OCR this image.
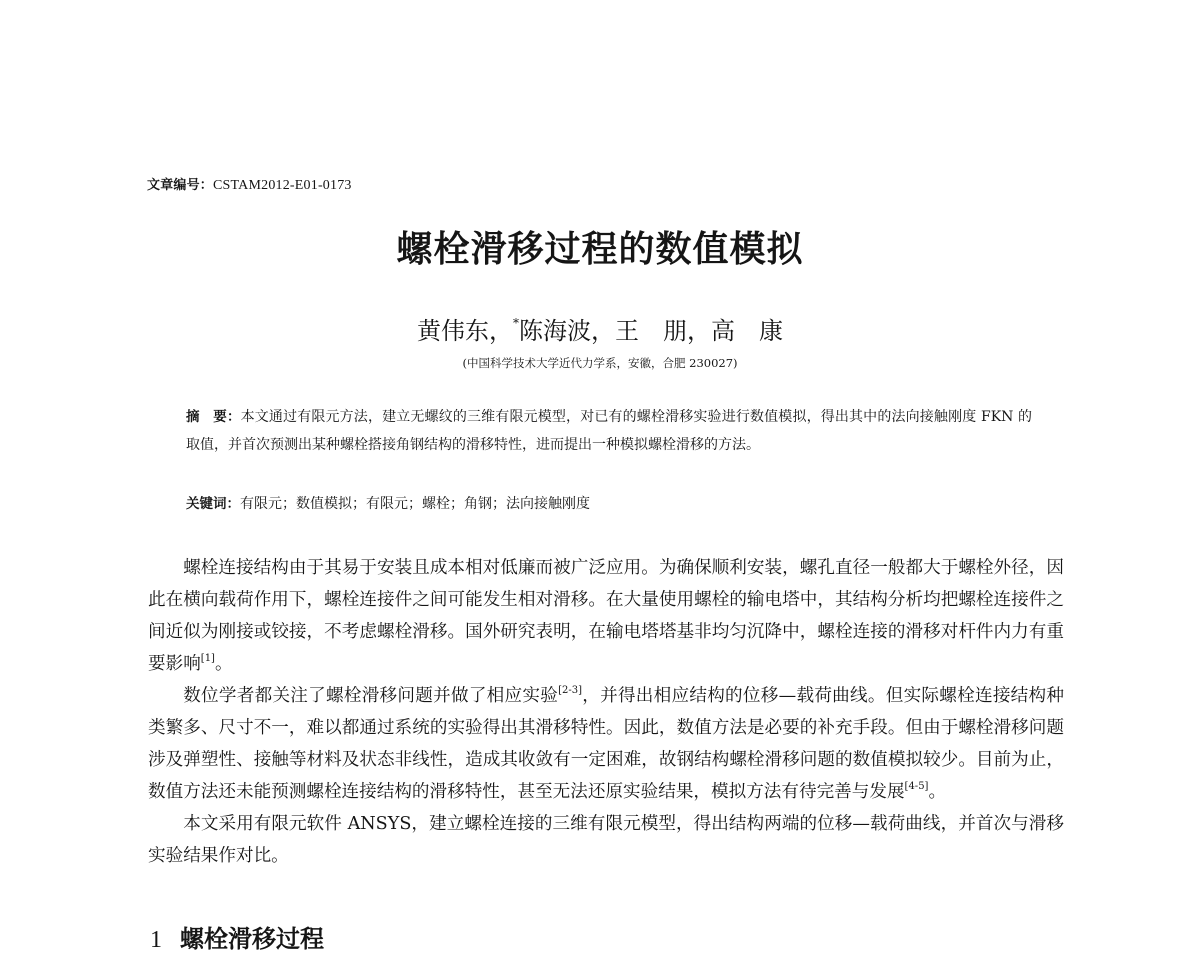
文章编号：CSTAM2012-E01-0173
螺栓滑移过程的数值模拟
黄伟东，*陈海波，王　朋，高　康
(中国科学技术大学近代力学系，安徽，合肥 230027)
摘　要：本文通过有限元方法，建立无螺纹的三维有限元模型，对已有的螺栓滑移实验进行数值模拟，得出其中的法向接触刚度 FKN 的取值，并首次预测出某种螺栓搭接角钢结构的滑移特性，进而提出一种模拟螺栓滑移的方法。
关键词：有限元；数值模拟；有限元；螺栓；角钢；法向接触刚度

螺栓连接结构由于其易于安装且成本相对低廉而被广泛应用。为确保顺利安装，螺孔直径一般都大于螺栓外径，因此在横向载荷作用下，螺栓连接件之间可能发生相对滑移。在大量使用螺栓的输电塔中，其结构分析均把螺栓连接件之间近似为刚接或铰接，不考虑螺栓滑移。国外研究表明，在输电塔塔基非均匀沉降中，螺栓连接的滑移对杆件内力有重要影响[1]。

数位学者都关注了螺栓滑移问题并做了相应实验[2-3]，并得出相应结构的位移—载荷曲线。但实际螺栓连接结构种类繁多、尺寸不一，难以都通过系统的实验得出其滑移特性。因此，数值方法是必要的补充手段。但由于螺栓滑移问题涉及弹塑性、接触等材料及状态非线性，造成其收敛有一定困难，故钢结构螺栓滑移问题的数值模拟较少。目前为止，数值方法还未能预测螺栓连接结构的滑移特性，甚至无法还原实验结果，模拟方法有待完善与发展[4-5]。

本文采用有限元软件 ANSYS，建立螺栓连接的三维有限元模型，得出结构两端的位移—载荷曲线，并首次与滑移实验结果作对比。

1 螺栓滑移过程
